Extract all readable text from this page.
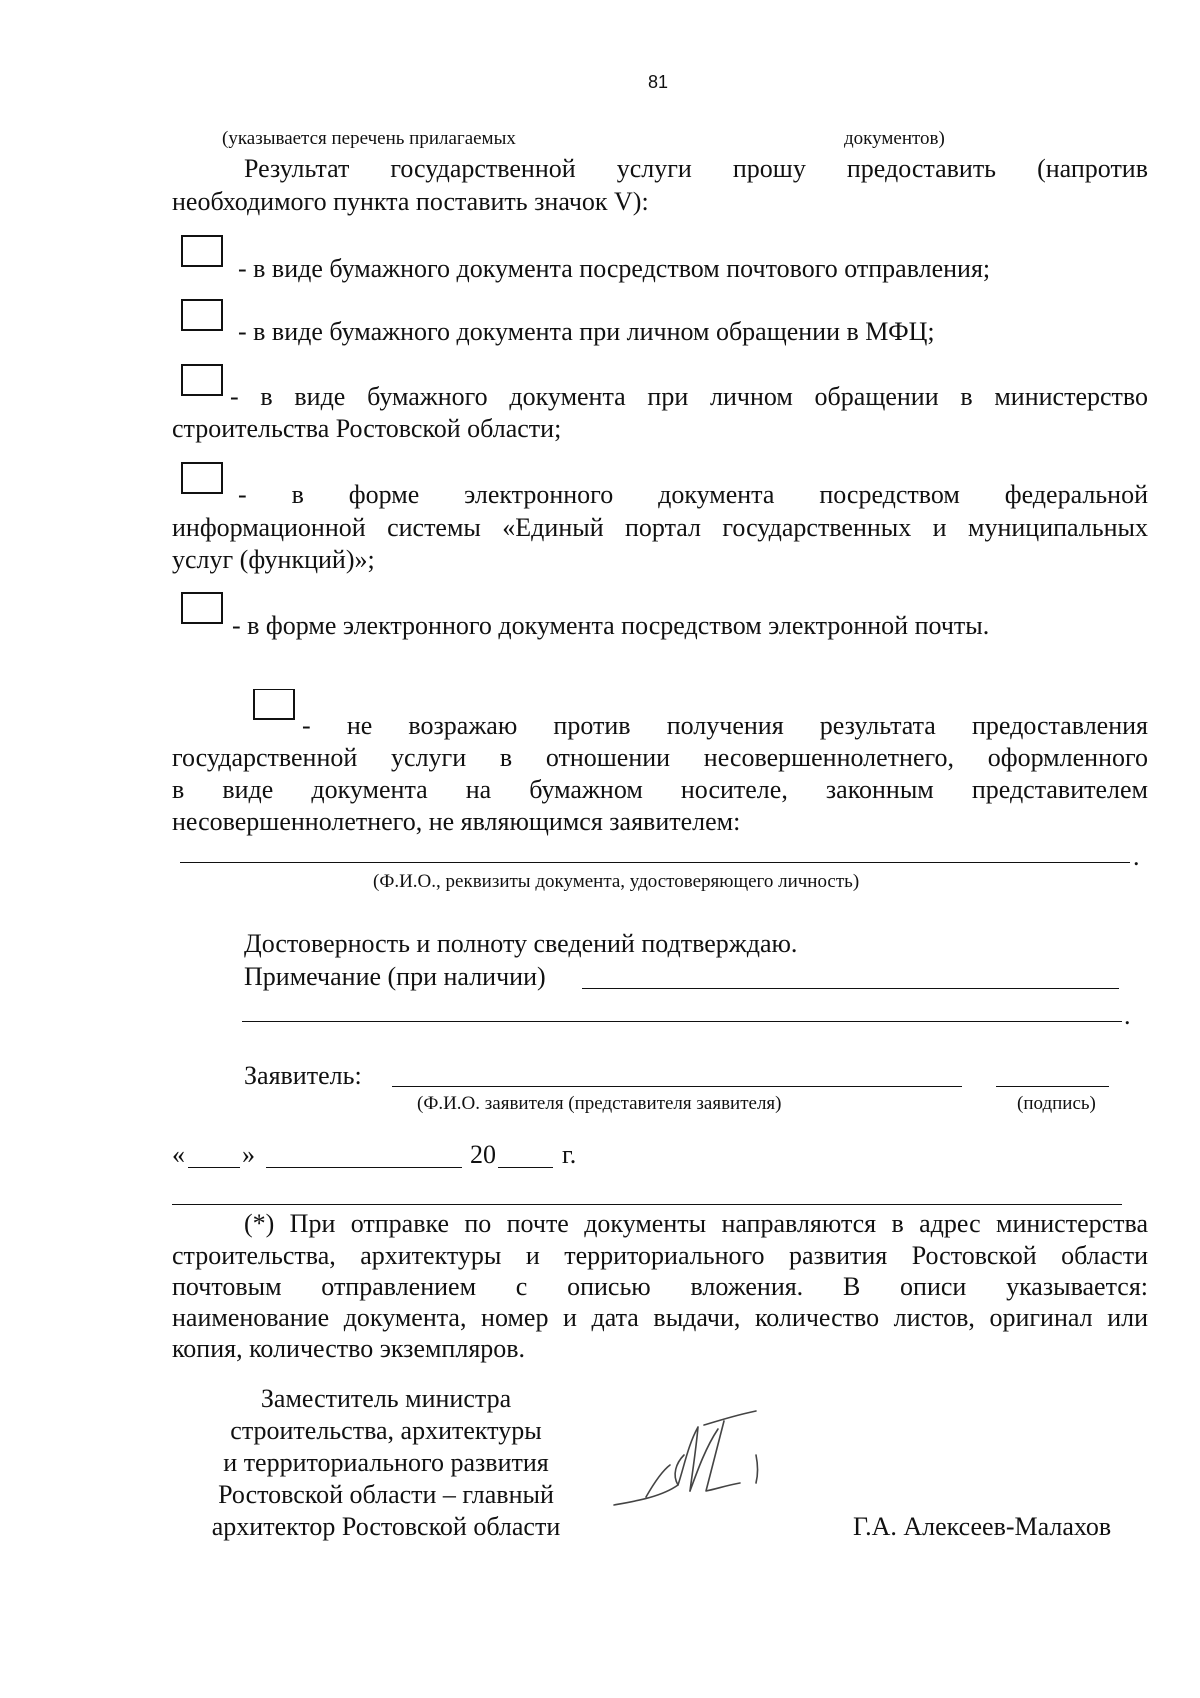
81
(указывается перечень прилагаемых	документов)
Результат государственной услуги прошу предоставить (напротив
необходимого пункта поставить значок V):
- в виде бумажного документа посредством почтового отправления;
- в виде бумажного документа при личном обращении в МФЦ;
- в виде бумажного документа при личном обращении в министерство
строительства Ростовской области;
- в форме электронного документа посредством федеральной
информационной системы «Единый портал государственных и муниципальных
услуг (функций)»;
- в форме электронного документа посредством электронной почты.
- не возражаю против получения результата предоставления
государственной услуги в отношении несовершеннолетнего, оформленного
в виде документа на бумажном носителе, законным представителем
несовершеннолетнего, не являющимся заявителем:
.
(Ф.И.О., реквизиты документа, удостоверяющего личность)
Достоверность и полноту сведений подтверждаю.
Примечание (при наличии)
.
Заявитель:
(Ф.И.О. заявителя (представителя заявителя)	(подпись)
« »	20	г.
(*) При отправке по почте документы направляются в адрес министерства
строительства, архитектуры и территориального развития Ростовской области
почтовым отправлением с описью вложения. В описи указывается:
наименование документа, номер и дата выдачи, количество листов, оригинал или
копия, количество экземпляров.
Заместитель министра
строительства, архитектуры
и территориального развития
Ростовской области – главный
архитектор Ростовской области	Г.А. Алексеев-Малахов
